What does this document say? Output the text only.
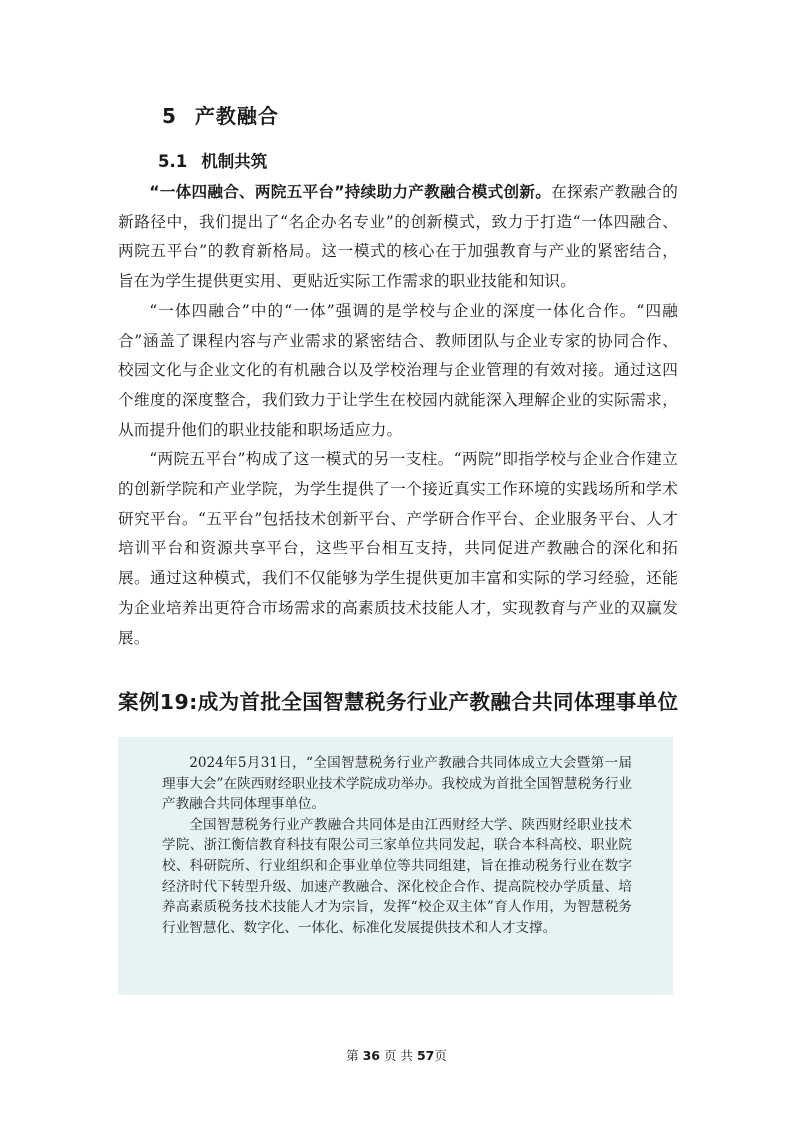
5 产教融合
5.1 机制共筑

“一体四融合、两院五平台”持续助力产教融合模式创新。在探索产教融合的新路径中，我们提出了“名企办名专业”的创新模式，致力于打造“一体四融合、两院五平台”的教育新格局。这一模式的核心在于加强教育与产业的紧密结合，旨在为学生提供更实用、更贴近实际工作需求的职业技能和知识。

“一体四融合”中的“一体”强调的是学校与企业的深度一体化合作。“四融合”涵盖了课程内容与产业需求的紧密结合、教师团队与企业专家的协同合作、校园文化与企业文化的有机融合以及学校治理与企业管理的有效对接。通过这四个维度的深度整合，我们致力于让学生在校园内就能深入理解企业的实际需求，从而提升他们的职业技能和职场适应力。

“两院五平台”构成了这一模式的另一支柱。“两院”即指学校与企业合作建立的创新学院和产业学院，为学生提供了一个接近真实工作环境的实践场所和学术研究平台。“五平台”包括技术创新平台、产学研合作平台、企业服务平台、人才培训平台和资源共享平台，这些平台相互支持，共同促进产教融合的深化和拓展。通过这种模式，我们不仅能够为学生提供更加丰富和实际的学习经验，还能为企业培养出更符合市场需求的高素质技术技能人才，实现教育与产业的双赢发展。

案例19:成为首批全国智慧税务行业产教融合共同体理事单位

2024年5月31日，“全国智慧税务行业产教融合共同体成立大会暨第一届理事大会”在陕西财经职业技术学院成功举办。我校成为首批全国智慧税务行业产教融合共同体理事单位。

全国智慧税务行业产教融合共同体是由江西财经大学、陕西财经职业技术学院、浙江衡信教育科技有限公司三家单位共同发起，联合本科高校、职业院校、科研院所、行业组织和企事业单位等共同组建，旨在推动税务行业在数字经济时代下转型升级、加速产教融合、深化校企合作、提高院校办学质量、培养高素质税务技术技能人才为宗旨，发挥“校企双主体”育人作用，为智慧税务行业智慧化、数字化、一体化、标准化发展提供技术和人才支撑。

第 36 页 共 57页
